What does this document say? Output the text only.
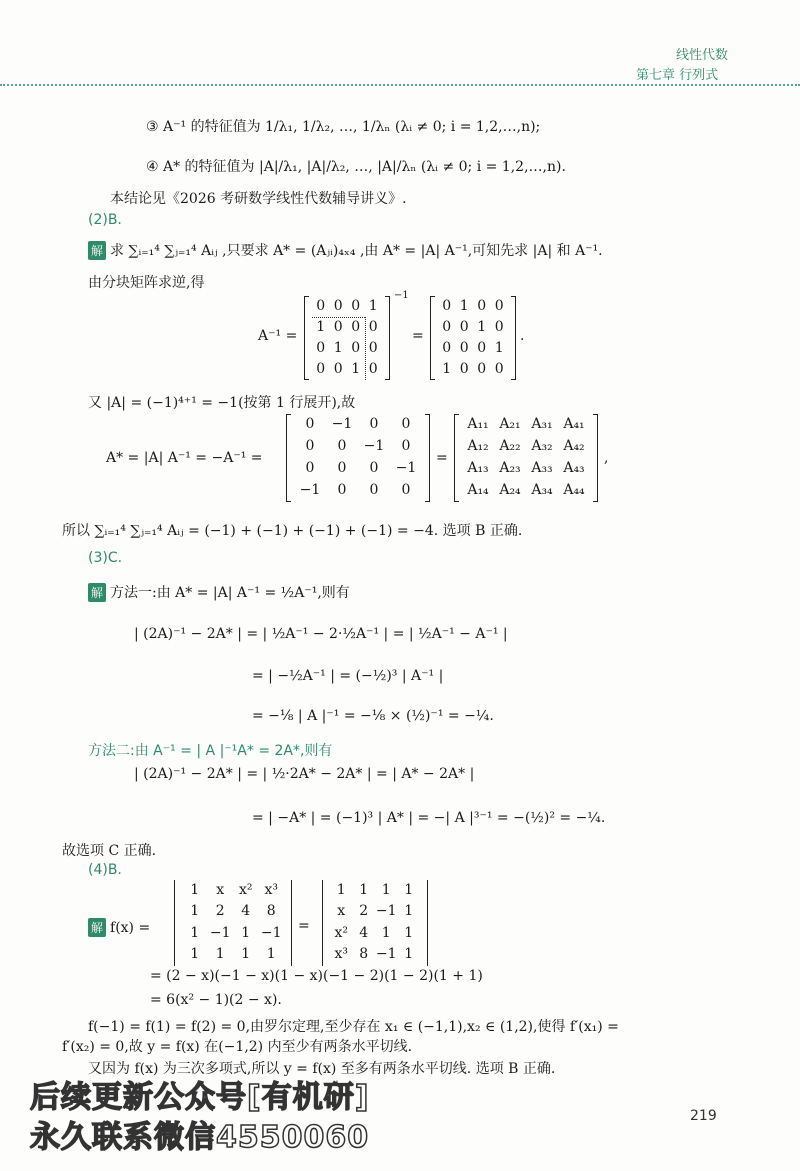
线性代数
第七章 行列式
③ A⁻¹ 的特征值为 1/λ₁, 1/λ₂, …, 1/λₙ (λᵢ ≠ 0; i = 1,2,…,n);
④ A* 的特征值为 |A|/λ₁, |A|/λ₂, …, |A|/λₙ (λᵢ ≠ 0; i = 1,2,…,n).
本结论见《2026 考研数学线性代数辅导讲义》.
(2)B.
解 求 ∑ᵢ₌₁⁴ ∑ⱼ₌₁⁴ Aᵢⱼ ,只要求 A* = (Aⱼᵢ)₄ₓ₄ ,由 A* = |A| A⁻¹,可知先求 |A| 和 A⁻¹.
由分块矩阵求逆,得
A⁻¹ =
0 0 0 1
1 0 0 0
0 1 0 0
0 0 1 0
−1
=
0 1 0 0
0 0 1 0
0 0 0 1
1 0 0 0
.
又 |A| = (−1)⁴⁺¹ = −1(按第 1 行展开),故
A* = |A| A⁻¹ = −A⁻¹ =
0	−1	0	0
0	0	−1	0
0	0	0	−1
−1	0	0	0
=
A₁₁ A₂₁ A₃₁ A₄₁
A₁₂ A₂₂ A₃₂ A₄₂
A₁₃ A₂₃ A₃₃ A₄₃
A₁₄ A₂₄ A₃₄ A₄₄
,
所以 ∑ᵢ₌₁⁴ ∑ⱼ₌₁⁴ Aᵢⱼ = (−1) + (−1) + (−1) + (−1) = −4. 选项 B 正确.
(3)C.
解 方法一:由 A* = |A| A⁻¹ = ½A⁻¹,则有
| (2A)⁻¹ − 2A* | = | ½A⁻¹ − 2·½A⁻¹ | = | ½A⁻¹ − A⁻¹ |
= | −½A⁻¹ | = (−½)³ | A⁻¹ |
= −⅛ | A |⁻¹ = −⅛ × (½)⁻¹ = −¼.
方法二:由 A⁻¹ = | A |⁻¹A* = 2A*,则有
| (2A)⁻¹ − 2A* | = | ½·2A* − 2A* | = | A* − 2A* |
= | −A* | = (−1)³ | A* | = −| A |³⁻¹ = −(½)² = −¼.
故选项 C 正确.
(4)B.
解 f(x) =
1	x	x² x³
1	2	4	8
1 −1 1 −1
1	1	1	1
=
1 1 1 1
x	2 −1 1
x² 4 1 1
x³ 8 −1 1
= (2 − x)(−1 − x)(1 − x)(−1 − 2)(1 − 2)(1 + 1)
= 6(x² − 1)(2 − x).
f(−1) = f(1) = f(2) = 0,由罗尔定理,至少存在 x₁ ∈ (−1,1),x₂ ∈ (1,2),使得 f′(x₁) =
f′(x₂) = 0,故 y = f(x) 在(−1,2) 内至少有两条水平切线.
又因为 f(x) 为三次多项式,所以 y = f(x) 至多有两条水平切线. 选项 B 正确.
219
后续更新公众号[有机研]
永久联系微信4550060
